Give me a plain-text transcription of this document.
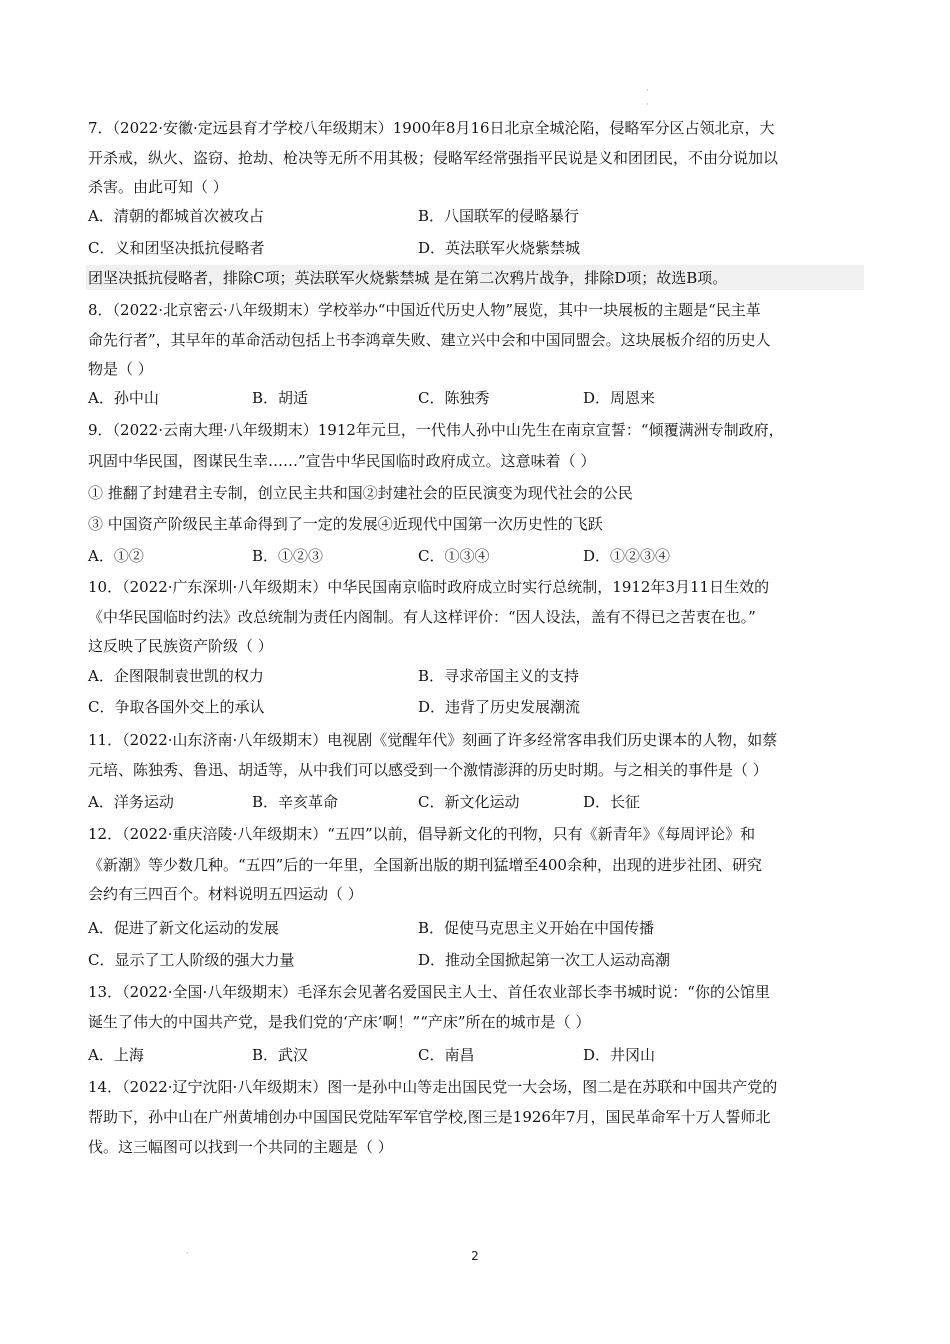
·
·
·
7．（2022·安徽·定远县育才学校八年级期末）1900年8月16日北京全城沦陷，侵略军分区占领北京，大
开杀戒，纵火、盗窃、抢劫、枪决等无所不用其极；侵略军经常强指平民说是义和团团民，不由分说加以
杀害。由此可知（ ）
A．清朝的都城首次被攻占	B．八国联军的侵略暴行
C．义和团坚决抵抗侵略者	D．英法联军火烧紫禁城
团坚决抵抗侵略者，排除C项；英法联军火烧紫禁城 是在第二次鸦片战争，排除D项；故选B项。
8．（2022·北京密云·八年级期末）学校举办“中国近代历史人物”展览，其中一块展板的主题是“民主革
命先行者”，其早年的革命活动包括上书李鸿章失败、建立兴中会和中国同盟会。这块展板介绍的历史人
物是（ ）
A．孙中山	B．胡适	C．陈独秀	D．周恩来
9．（2022·云南大理·八年级期末）1912年元旦，一代伟人孙中山先生在南京宣誓：“倾覆满洲专制政府，
巩固中华民国，图谋民生幸……”宣告中华民国临时政府成立。这意味着（ ）
① 推翻了封建君主专制，创立民主共和国②封建社会的臣民演变为现代社会的公民
③ 中国资产阶级民主革命得到了一定的发展④近现代中国第一次历史性的飞跃
A．①②	B．①②③	C．①③④	D．①②③④
10．（2022·广东深圳·八年级期末）中华民国南京临时政府成立时实行总统制，1912年3月11日生效的
《中华民国临时约法》改总统制为责任内阁制。有人这样评价：“因人设法，盖有不得已之苦衷在也。”
这反映了民族资产阶级（ ）
A．企图限制袁世凯的权力	B．寻求帝国主义的支持
C．争取各国外交上的承认	D．违背了历史发展潮流
11．（2022·山东济南·八年级期末）电视剧《觉醒年代》刻画了许多经常客串我们历史课本的人物，如蔡
元培、陈独秀、鲁迅、胡适等，从中我们可以感受到一个激情澎湃的历史时期。与之相关的事件是（ ）
A．洋务运动	B．辛亥革命	C．新文化运动	D．长征
12．（2022·重庆涪陵·八年级期末）“五四”以前，倡导新文化的刊物，只有《新青年》《每周评论》和
《新潮》等少数几种。“五四”后的一年里，全国新出版的期刊猛增至400余种，出现的进步社团、研究
会约有三四百个。材料说明五四运动（ ）
A．促进了新文化运动的发展	B．促使马克思主义开始在中国传播
C．显示了工人阶级的强大力量	D．推动全国掀起第一次工人运动高潮
13．（2022·全国·八年级期末）毛泽东会见著名爱国民主人士、首任农业部长李书城时说：“你的公馆里
诞生了伟大的中国共产党，是我们党的‘产床’啊！”“产床”所在的城市是（ ）
A．上海	B．武汉	C．南昌	D．井冈山
14．（2022·辽宁沈阳·八年级期末）图一是孙中山等走出国民党一大会场，图二是在苏联和中国共产党的
帮助下，孙中山在广州黄埔创办中国国民党陆军军官学校,图三是1926年7月，国民革命军十万人誓师北
伐。这三幅图可以找到一个共同的主题是（ ）
2
